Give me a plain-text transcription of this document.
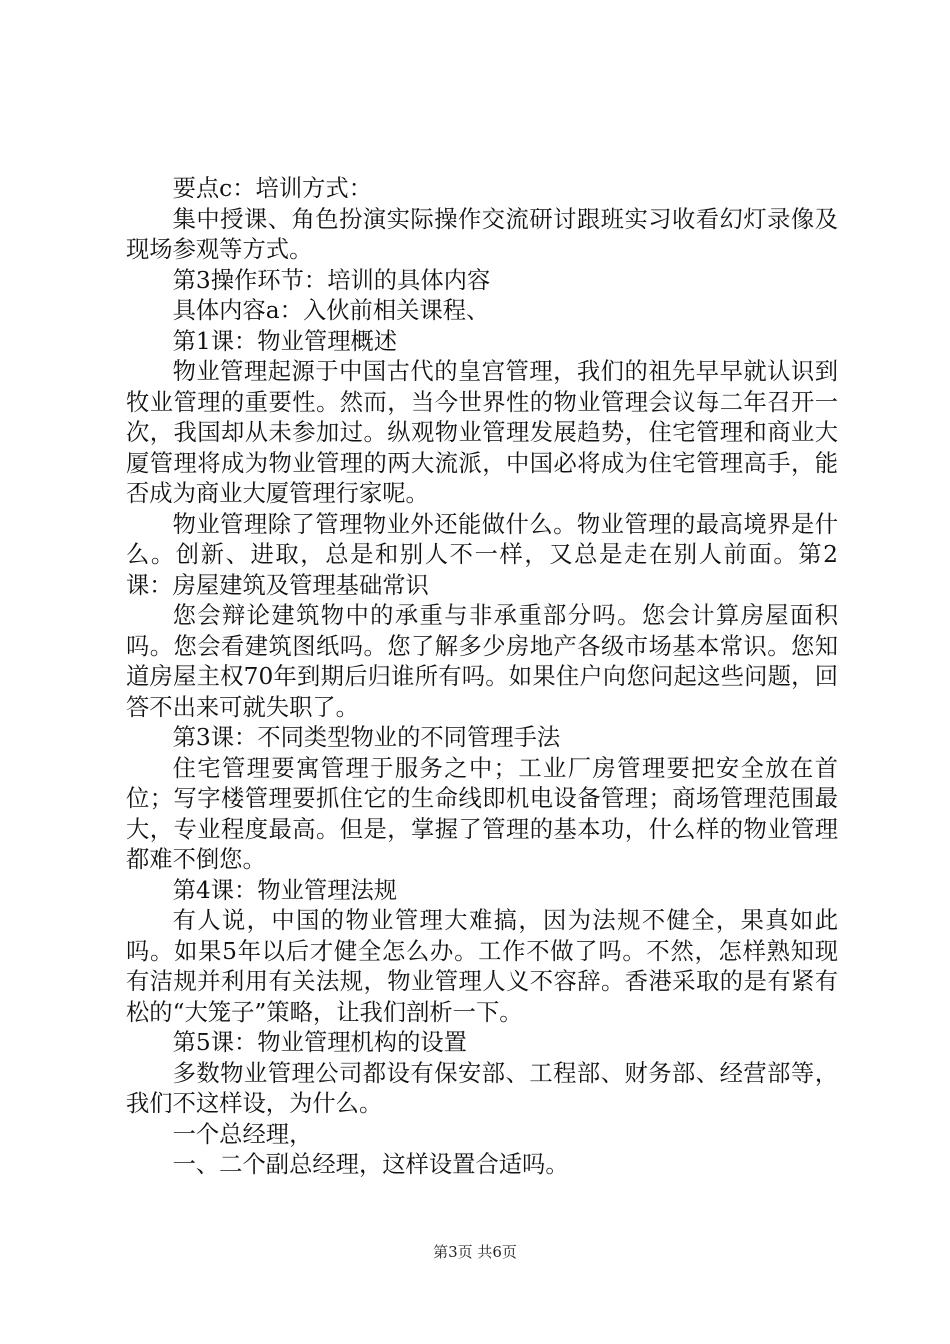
要点c：培训方式：

集中授课、角色扮演实际操作交流研讨跟班实习收看幻灯录像及现场参观等方式。

第3操作环节：培训的具体内容

具体内容a：入伙前相关课程、

第1课：物业管理概述

物业管理起源于中国古代的皇宫管理，我们的祖先早早就认识到牧业管理的重要性。然而，当今世界性的物业管理会议每二年召开一次，我国却从未参加过。纵观物业管理发展趋势，住宅管理和商业大厦管理将成为物业管理的两大流派，中国必将成为住宅管理高手，能否成为商业大厦管理行家呢。

物业管理除了管理物业外还能做什么。物业管理的最高境界是什么。创新、进取，总是和别人不一样，又总是走在别人前面。第2课：房屋建筑及管理基础常识

您会辩论建筑物中的承重与非承重部分吗。您会计算房屋面积吗。您会看建筑图纸吗。您了解多少房地产各级市场基本常识。您知道房屋主权70年到期后归谁所有吗。如果住户向您问起这些问题，回答不出来可就失职了。

第3课：不同类型物业的不同管理手法

住宅管理要寓管理于服务之中；工业厂房管理要把安全放在首位；写字楼管理要抓住它的生命线即机电设备管理；商场管理范围最大，专业程度最高。但是，掌握了管理的基本功，什么样的物业管理都难不倒您。

第4课：物业管理法规

有人说，中国的物业管理大难搞，因为法规不健全，果真如此吗。如果5年以后才健全怎么办。工作不做了吗。不然，怎样熟知现有洁规并利用有关法规，物业管理人义不容辞。香港采取的是有紧有松的“大笼子”策略，让我们剖析一下。

第5课：物业管理机构的设置

多数物业管理公司都设有保安部、工程部、财务部、经营部等，我们不这样设，为什么。

一个总经理，

一、二个副总经理，这样设置合适吗。

第3页 共6页
